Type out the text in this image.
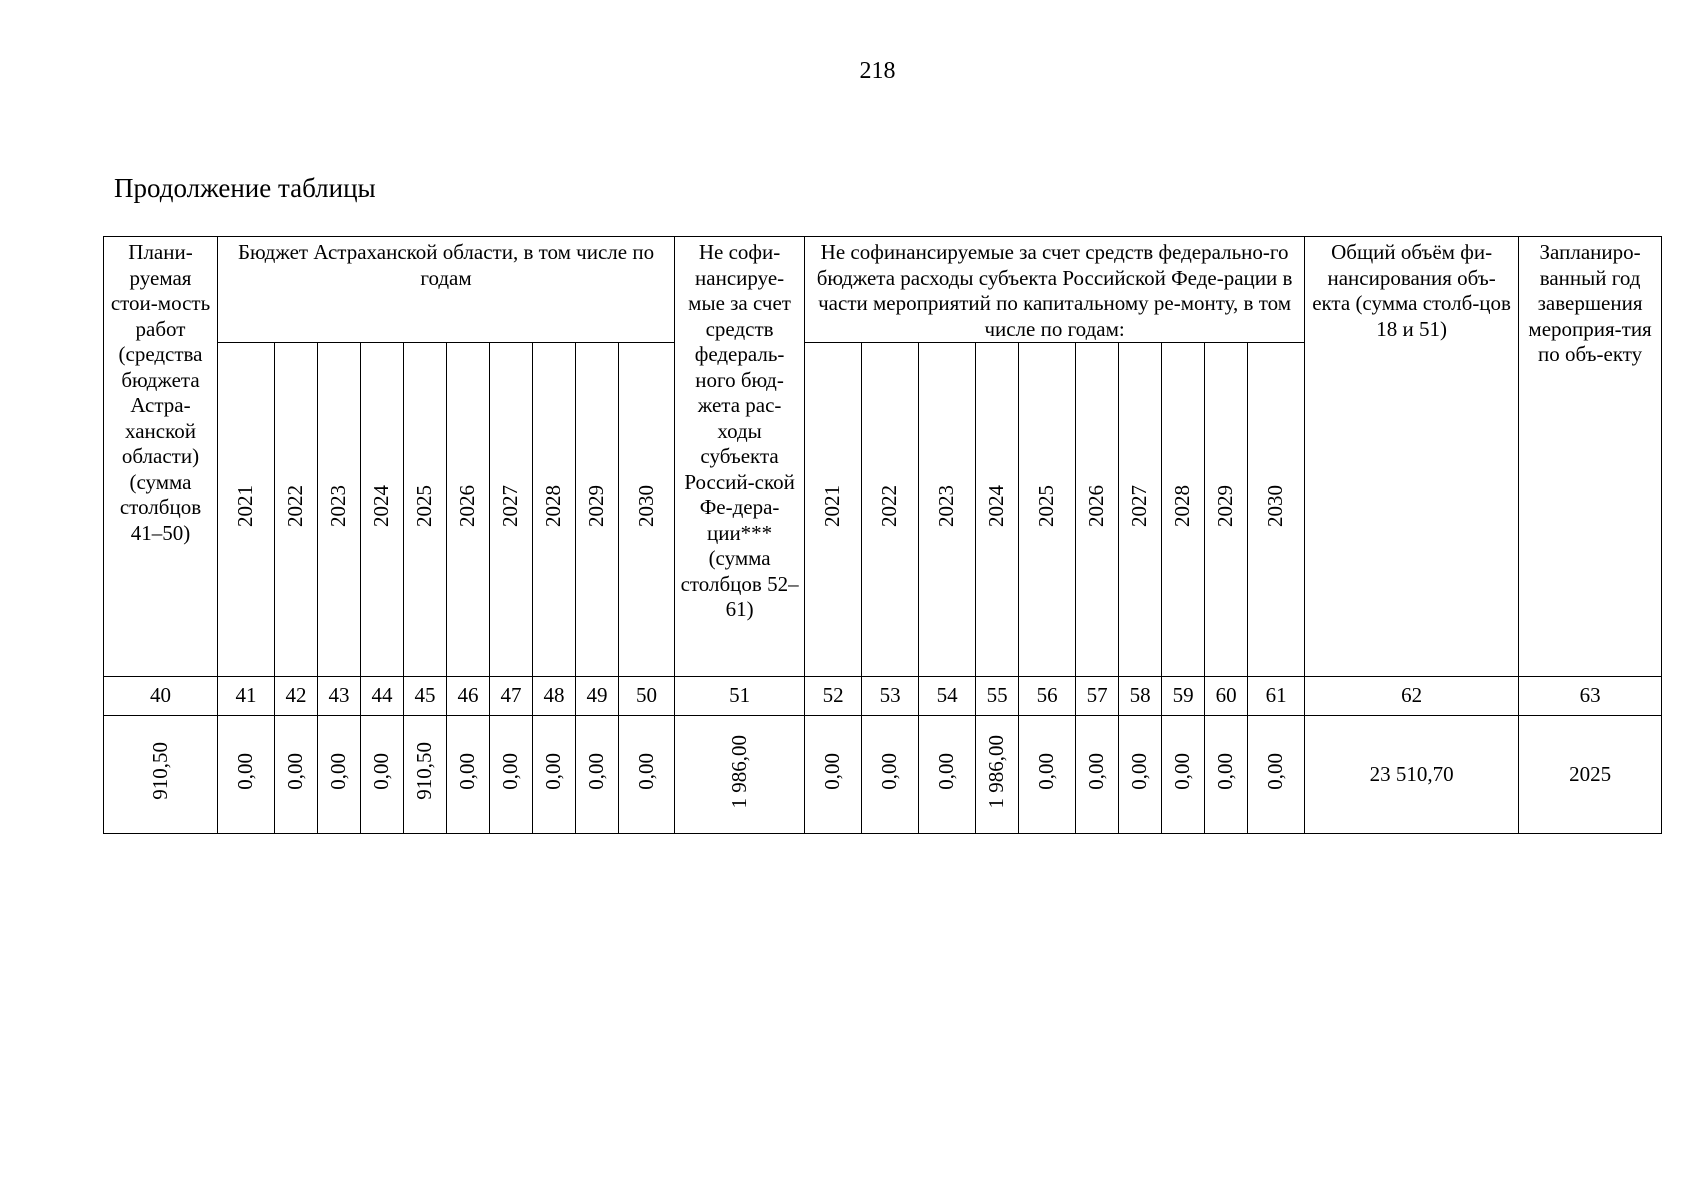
218
Продолжение таблицы
Плани-руемая стои-мость работ (средства бюджета Астра-ханской области) (сумма столбцов 41–50)	Бюджет Астраханской области, в том числе по годам										Не софи-нансируе-мые за счет средств федераль-ного бюд-жета рас-ходы субъекта Россий-ской Фе-дера-ции*** (сумма столбцов 52–61)	Не софинансируемые за счет средств федерально-го бюджета расходы субъекта Российской Феде-рации в части мероприятий по капитальному ре-монту, в том числе по годам:										Общий объём фи-нансирования объ-екта (сумма столб-цов 18 и 51)	Запланиро-ванный год завершения мероприя-тия по объ-екту

	2021	2022	2023	2024	2025	2026	2027	2028	2029	2030		2021	2022	2023	2024	2025	2026	2027	2028	2029	2030		
40	41	42	43	44	45	46	47	48	49	50	51	52	53	54	55	56	57	58	59	60	61	62	63
910,50	0,00	0,00	0,00	0,00	910,50	0,00	0,00	0,00	0,00	0,00	1 986,00	0,00	0,00	0,00	1 986,00	0,00	0,00	0,00	0,00	0,00	0,00	23 510,70	2025
